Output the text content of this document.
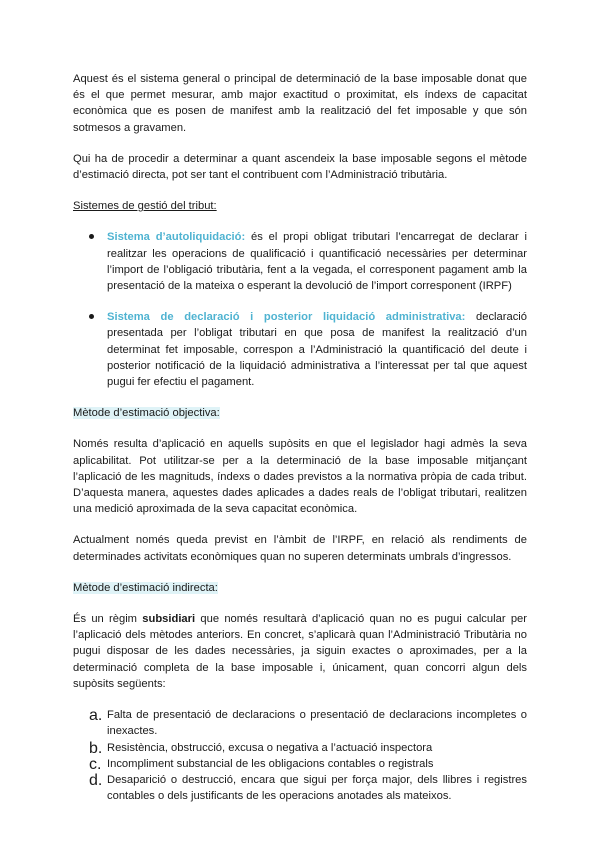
Aquest és el sistema general o principal de determinació de la base imposable donat que és el que permet mesurar, amb major exactitud o proximitat, els índexs de capacitat econòmica que es posen de manifest amb la realització del fet imposable y que són sotmesos a gravamen.

Qui ha de procedir a determinar a quant ascendeix la base imposable segons el mètode d’estimació directa, pot ser tant el contribuent com l’Administració tributària.

Sistemes de gestió del tribut:

Sistema d’autoliquidació: és el propi obligat tributari l’encarregat de declarar i realitzar les operacions de qualificació i quantificació necessàries per determinar l’import de l’obligació tributària, fent a la vegada, el corresponent pagament amb la presentació de la mateixa o esperant la devolució de l’import corresponent (IRPF)

Sistema de declaració i posterior liquidació administrativa: declaració presentada per l’obligat tributari en que posa de manifest la realització d’un determinat fet imposable, correspon a l’Administració la quantificació del deute i posterior notificació de la liquidació administrativa a l’interessat per tal que aquest pugui fer efectiu el pagament.

Mètode d’estimació objectiva:

Només resulta d’aplicació en aquells supòsits en que el legislador hagi admès la seva aplicabilitat. Pot utilitzar-se per a la determinació de la base imposable mitjançant l’aplicació de les magnituds, índexs o dades previstos a la normativa pròpia de cada tribut. D’aquesta manera, aquestes dades aplicades a dades reals de l’obligat tributari, realitzen una medició aproximada de la seva capacitat econòmica.

Actualment només queda previst en l’àmbit de l’IRPF, en relació als rendiments de determinades activitats econòmiques quan no superen determinats umbrals d’ingressos.

Mètode d’estimació indirecta:

És un règim subsidiari que només resultarà d’aplicació quan no es pugui calcular per l’aplicació dels mètodes anteriors. En concret, s’aplicarà quan l’Administració Tributària no pugui disposar de les dades necessàries, ja siguin exactes o aproximades, per a la determinació completa de la base imposable i, únicament, quan concorri algun dels supòsits següents:

a. Falta de presentació de declaracions o presentació de declaracions incompletes o inexactes.

b. Resistència, obstrucció, excusa o negativa a l’actuació inspectora

c. Incompliment substancial de les obligacions contables o registrals

d. Desaparició o destrucció, encara que sigui per força major, dels llibres i registres contables o dels justificants de les operacions anotades als mateixos.
